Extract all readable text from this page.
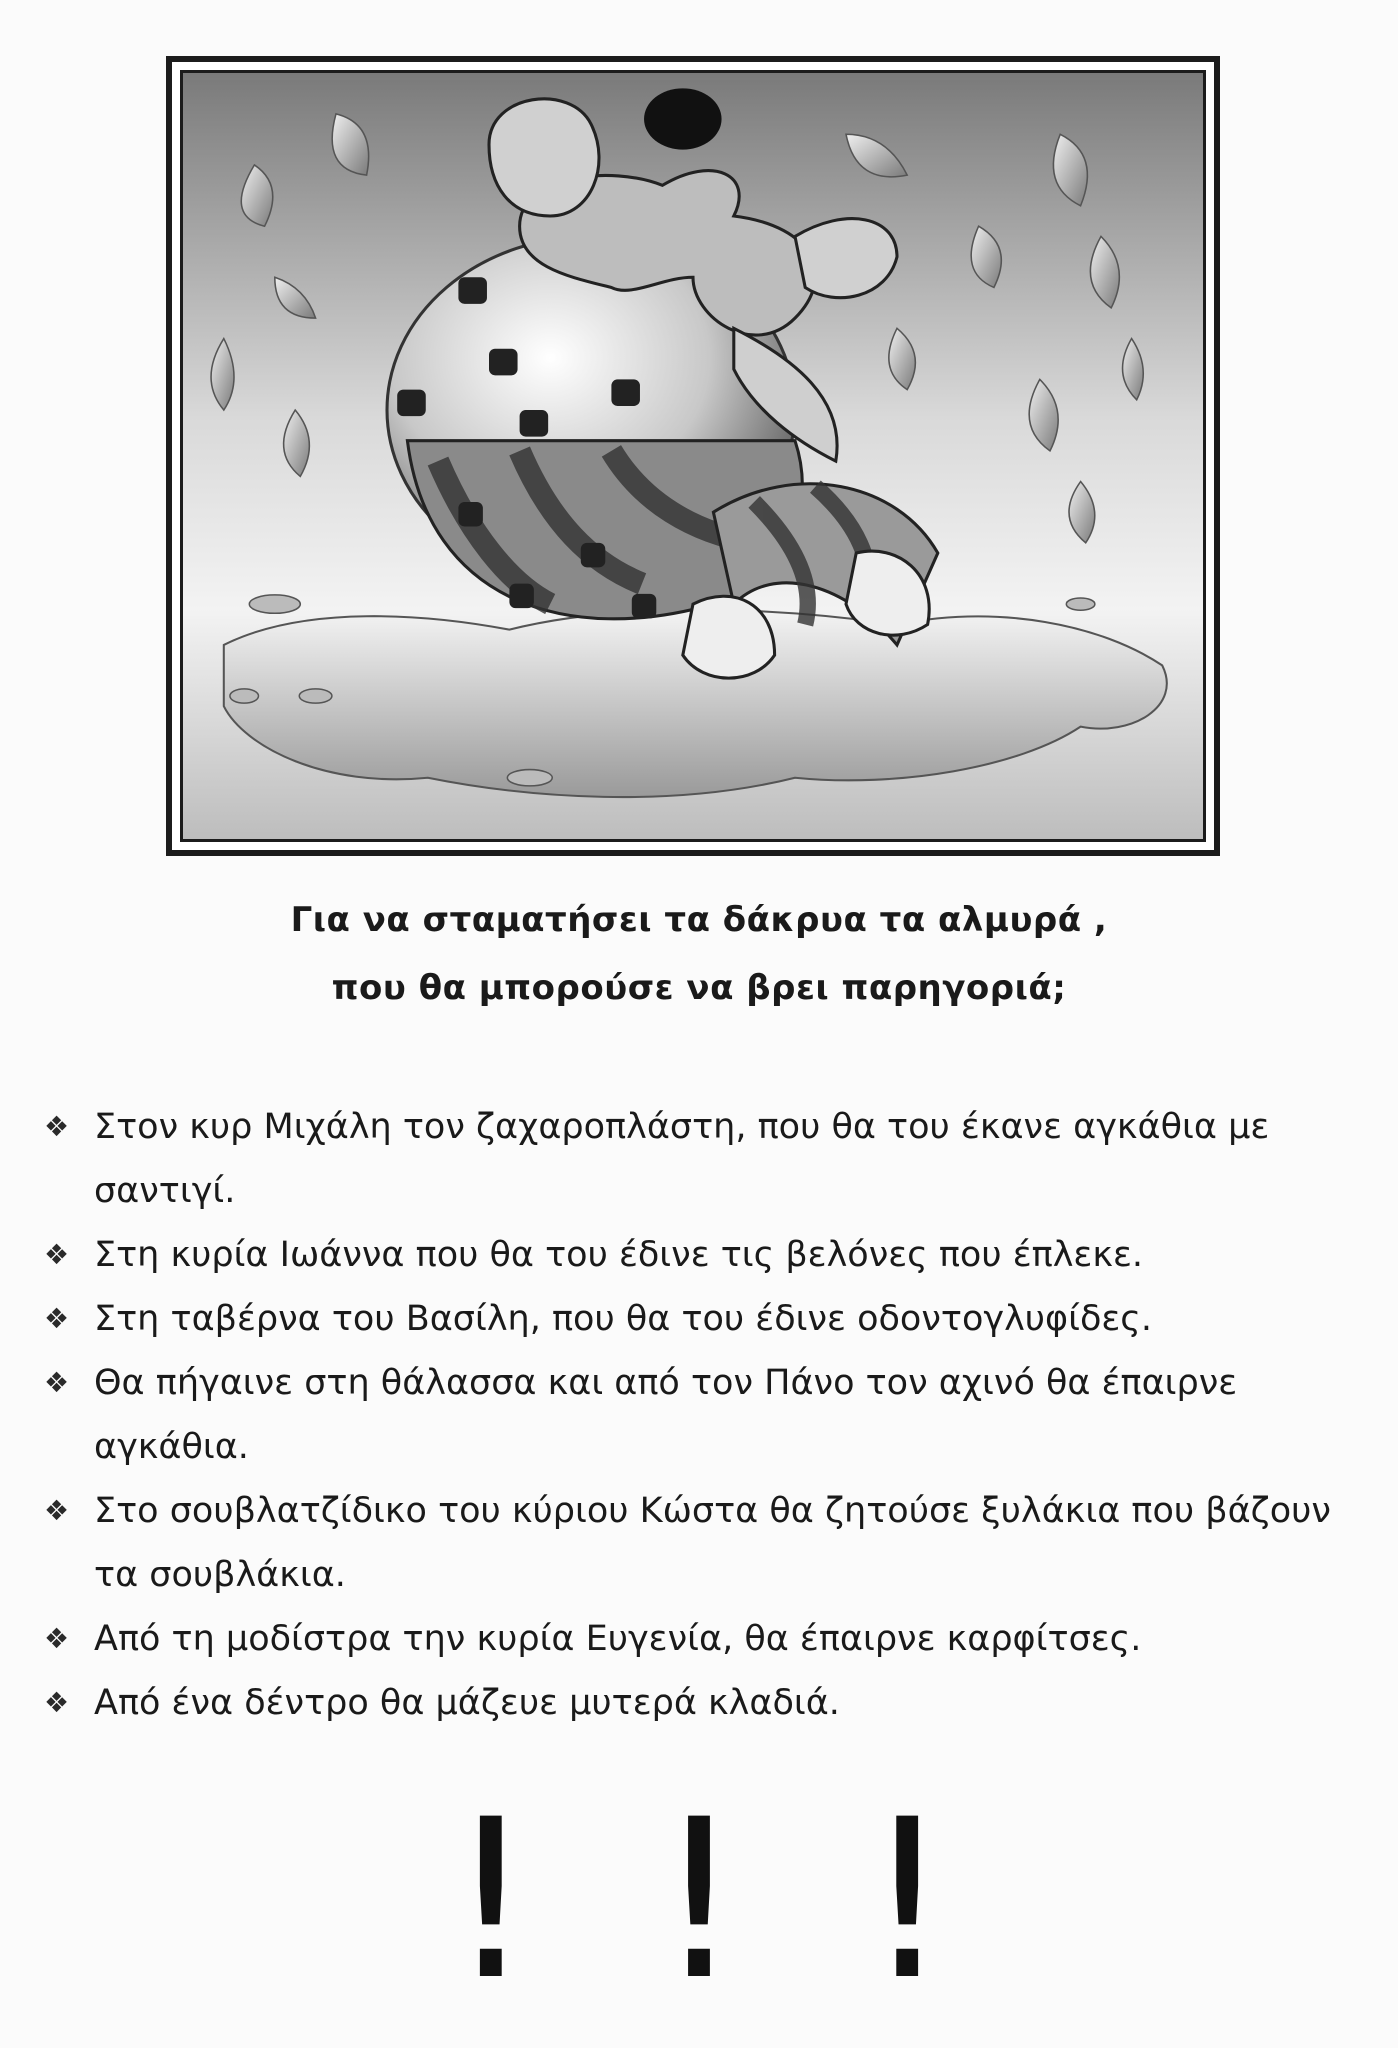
Για να σταματήσει τα δάκρυα τα αλμυρά ,
που θα μπορούσε να βρει παρηγοριά;
❖ Στον κυρ Μιχάλη τον ζαχαροπλάστη, που θα του έκανε αγκάθια με σαντιγί.
❖ Στη κυρία Ιωάννα που θα του έδινε τις βελόνες που έπλεκε.
❖ Στη ταβέρνα του Βασίλη, που θα του έδινε οδοντογλυφίδες.
❖ Θα πήγαινε στη θάλασσα και από τον Πάνο τον αχινό θα έπαιρνε αγκάθια.
❖ Στο σουβλατζίδικο του κύριου Κώστα θα ζητούσε ξυλάκια που βάζουν τα σουβλάκια.
❖ Από τη μοδίστρα την κυρία Ευγενία, θα έπαιρνε καρφίτσες.
❖ Από ένα δέντρο θα μάζευε μυτερά κλαδιά.
! ! !
